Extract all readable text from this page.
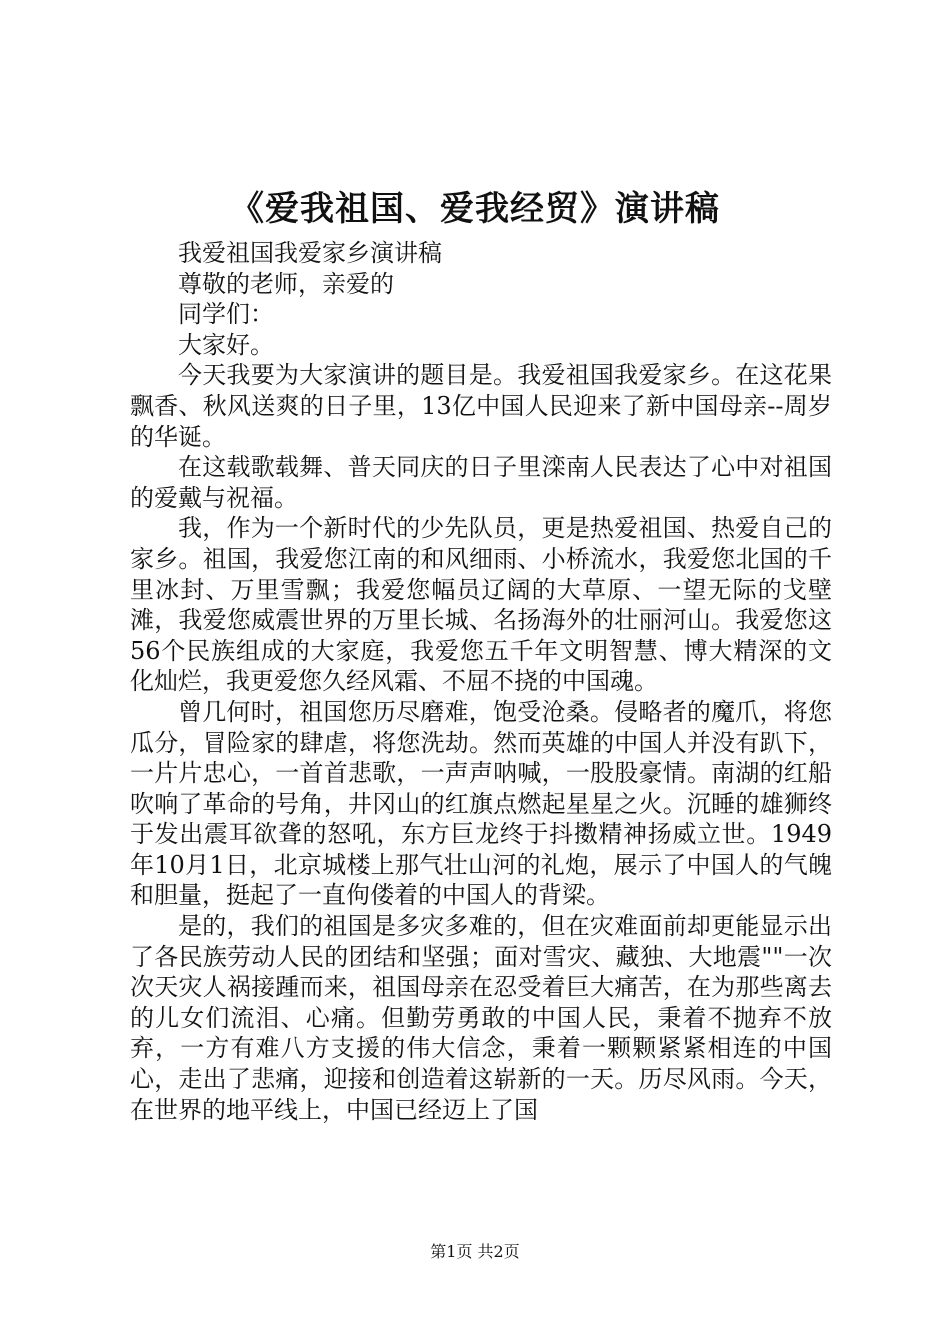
《爱我祖国、爱我经贸》演讲稿

我爱祖国我爱家乡演讲稿

尊敬的老师，亲爱的

同学们：

大家好。

今天我要为大家演讲的题目是。我爱祖国我爱家乡。在这花果飘香、秋风送爽的日子里，13亿中国人民迎来了新中国母亲--周岁的华诞。

在这载歌载舞、普天同庆的日子里滦南人民表达了心中对祖国的爱戴与祝福。

我，作为一个新时代的少先队员，更是热爱祖国、热爱自己的家乡。祖国，我爱您江南的和风细雨、小桥流水，我爱您北国的千里冰封、万里雪飘；我爱您幅员辽阔的大草原、一望无际的戈壁滩，我爱您威震世界的万里长城、名扬海外的壮丽河山。我爱您这56个民族组成的大家庭，我爱您五千年文明智慧、博大精深的文化灿烂，我更爱您久经风霜、不屈不挠的中国魂。

曾几何时，祖国您历尽磨难，饱受沧桑。侵略者的魔爪，将您瓜分，冒险家的肆虐，将您洗劫。然而英雄的中国人并没有趴下，一片片忠心，一首首悲歌，一声声呐喊，一股股豪情。南湖的红船吹响了革命的号角，井冈山的红旗点燃起星星之火。沉睡的雄狮终于发出震耳欲聋的怒吼，东方巨龙终于抖擞精神扬威立世。1949年10月1日，北京城楼上那气壮山河的礼炮，展示了中国人的气魄和胆量，挺起了一直佝偻着的中国人的背梁。

是的，我们的祖国是多灾多难的，但在灾难面前却更能显示出了各民族劳动人民的团结和坚强；面对雪灾、藏独、大地震""一次次天灾人祸接踵而来，祖国母亲在忍受着巨大痛苦，在为那些离去的儿女们流泪、心痛。但勤劳勇敢的中国人民，秉着不抛弃不放弃，一方有难八方支援的伟大信念，秉着一颗颗紧紧相连的中国心，走出了悲痛，迎接和创造着这崭新的一天。历尽风雨。今天，在世界的地平线上，中国已经迈上了国

第1页 共2页
